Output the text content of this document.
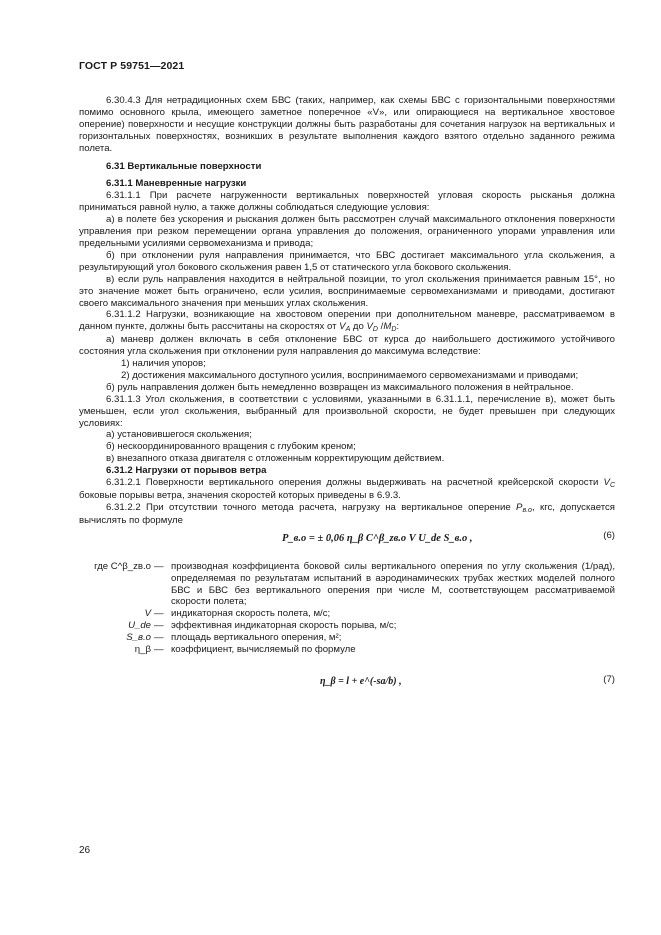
ГОСТ Р 59751—2021

6.30.4.3 Для нетрадиционных схем БВС (таких, например, как схемы БВС с горизонтальными поверхностями помимо основного крыла, имеющего заметное поперечное «V», или опирающиеся на вертикальное хвостовое оперение) поверхности и несущие конструкции должны быть разработаны для сочетания нагрузок на вертикальных и горизонтальных поверхностях, возникших в результате выполнения каждого взятого отдельно заданного режима полета.

6.31 Вертикальные поверхности

6.31.1 Маневренные нагрузки

6.31.1.1 При расчете нагруженности вертикальных поверхностей угловая скорость рысканья должна приниматься равной нулю, а также должны соблюдаться следующие условия:

а) в полете без ускорения и рыскания должен быть рассмотрен случай максимального отклонения поверхности управления при резком перемещении органа управления до положения, ограниченного упорами управления или предельными усилиями сервомеханизма и привода;

б) при отклонении руля направления принимается, что БВС достигает максимального угла скольжения, а результирующий угол бокового скольжения равен 1,5 от статического угла бокового скольжения.

в) если руль направления находится в нейтральной позиции, то угол скольжения принимается равным 15°, но это значение может быть ограничено, если усилия, воспринимаемые сервомеханизмами и приводами, достигают своего максимального значения при меньших углах скольжения.

6.31.1.2 Нагрузки, возникающие на хвостовом оперении при дополнительном маневре, рассматриваемом в данном пункте, должны быть рассчитаны на скоростях от $V_A$ до $V_D$ $/M_D$:

а) маневр должен включать в себя отклонение БВС от курса до наибольшего достижимого устойчивого состояния угла скольжения при отклонении руля направления до максимума вследствие:

1) наличия упоров;

2) достижения максимального доступного усилия, воспринимаемого сервомеханизмами и приводами;

б) руль направления должен быть немедленно возвращен из максимального положения в нейтральное.

6.31.1.3 Угол скольжения, в соответствии с условиями, указанными в 6.31.1.1, перечисление в), может быть уменьшен, если угол скольжения, выбранный для произвольной скорости, не будет превышен при следующих условиях:

а) установившегося скольжения;

б) нескоординированного вращения с глубоким креном;

в) внезапного отказа двигателя с отложенным корректирующим действием.

6.31.2 Нагрузки от порывов ветра

6.31.2.1 Поверхности вертикального оперения должны выдерживать на расчетной крейсерской скорости $V_C$ боковые порывы ветра, значения скоростей которых приведены в 6.9.3.

6.31.2.2 При отсутствии точного метода расчета, нагрузку на вертикальное оперение $P_{в.о}$, кгс, допускается вычислять по формуле

P_в.о = ± 0,06 η_β C^β_zв.о V U_de S_в.о ,	(6)
где C^β_zв.о — производная коэффициента боковой силы вертикального оперения по углу скольжения (1/рад), определяемая по результатам испытаний в аэродинамических трубах жестких моделей полного БВС и БВС без вертикального оперения при числе M, соответствующем рассматриваемой скорости полета;
V — индикаторная скорость полета, м/с;
U_de — эффективная индикаторная скорость порыва, м/с;
S_в.о — площадь вертикального оперения, м²;
η_β — коэффициент, вычисляемый по формуле
η_β = l + e^(-sa/b) ,	(7)
26
